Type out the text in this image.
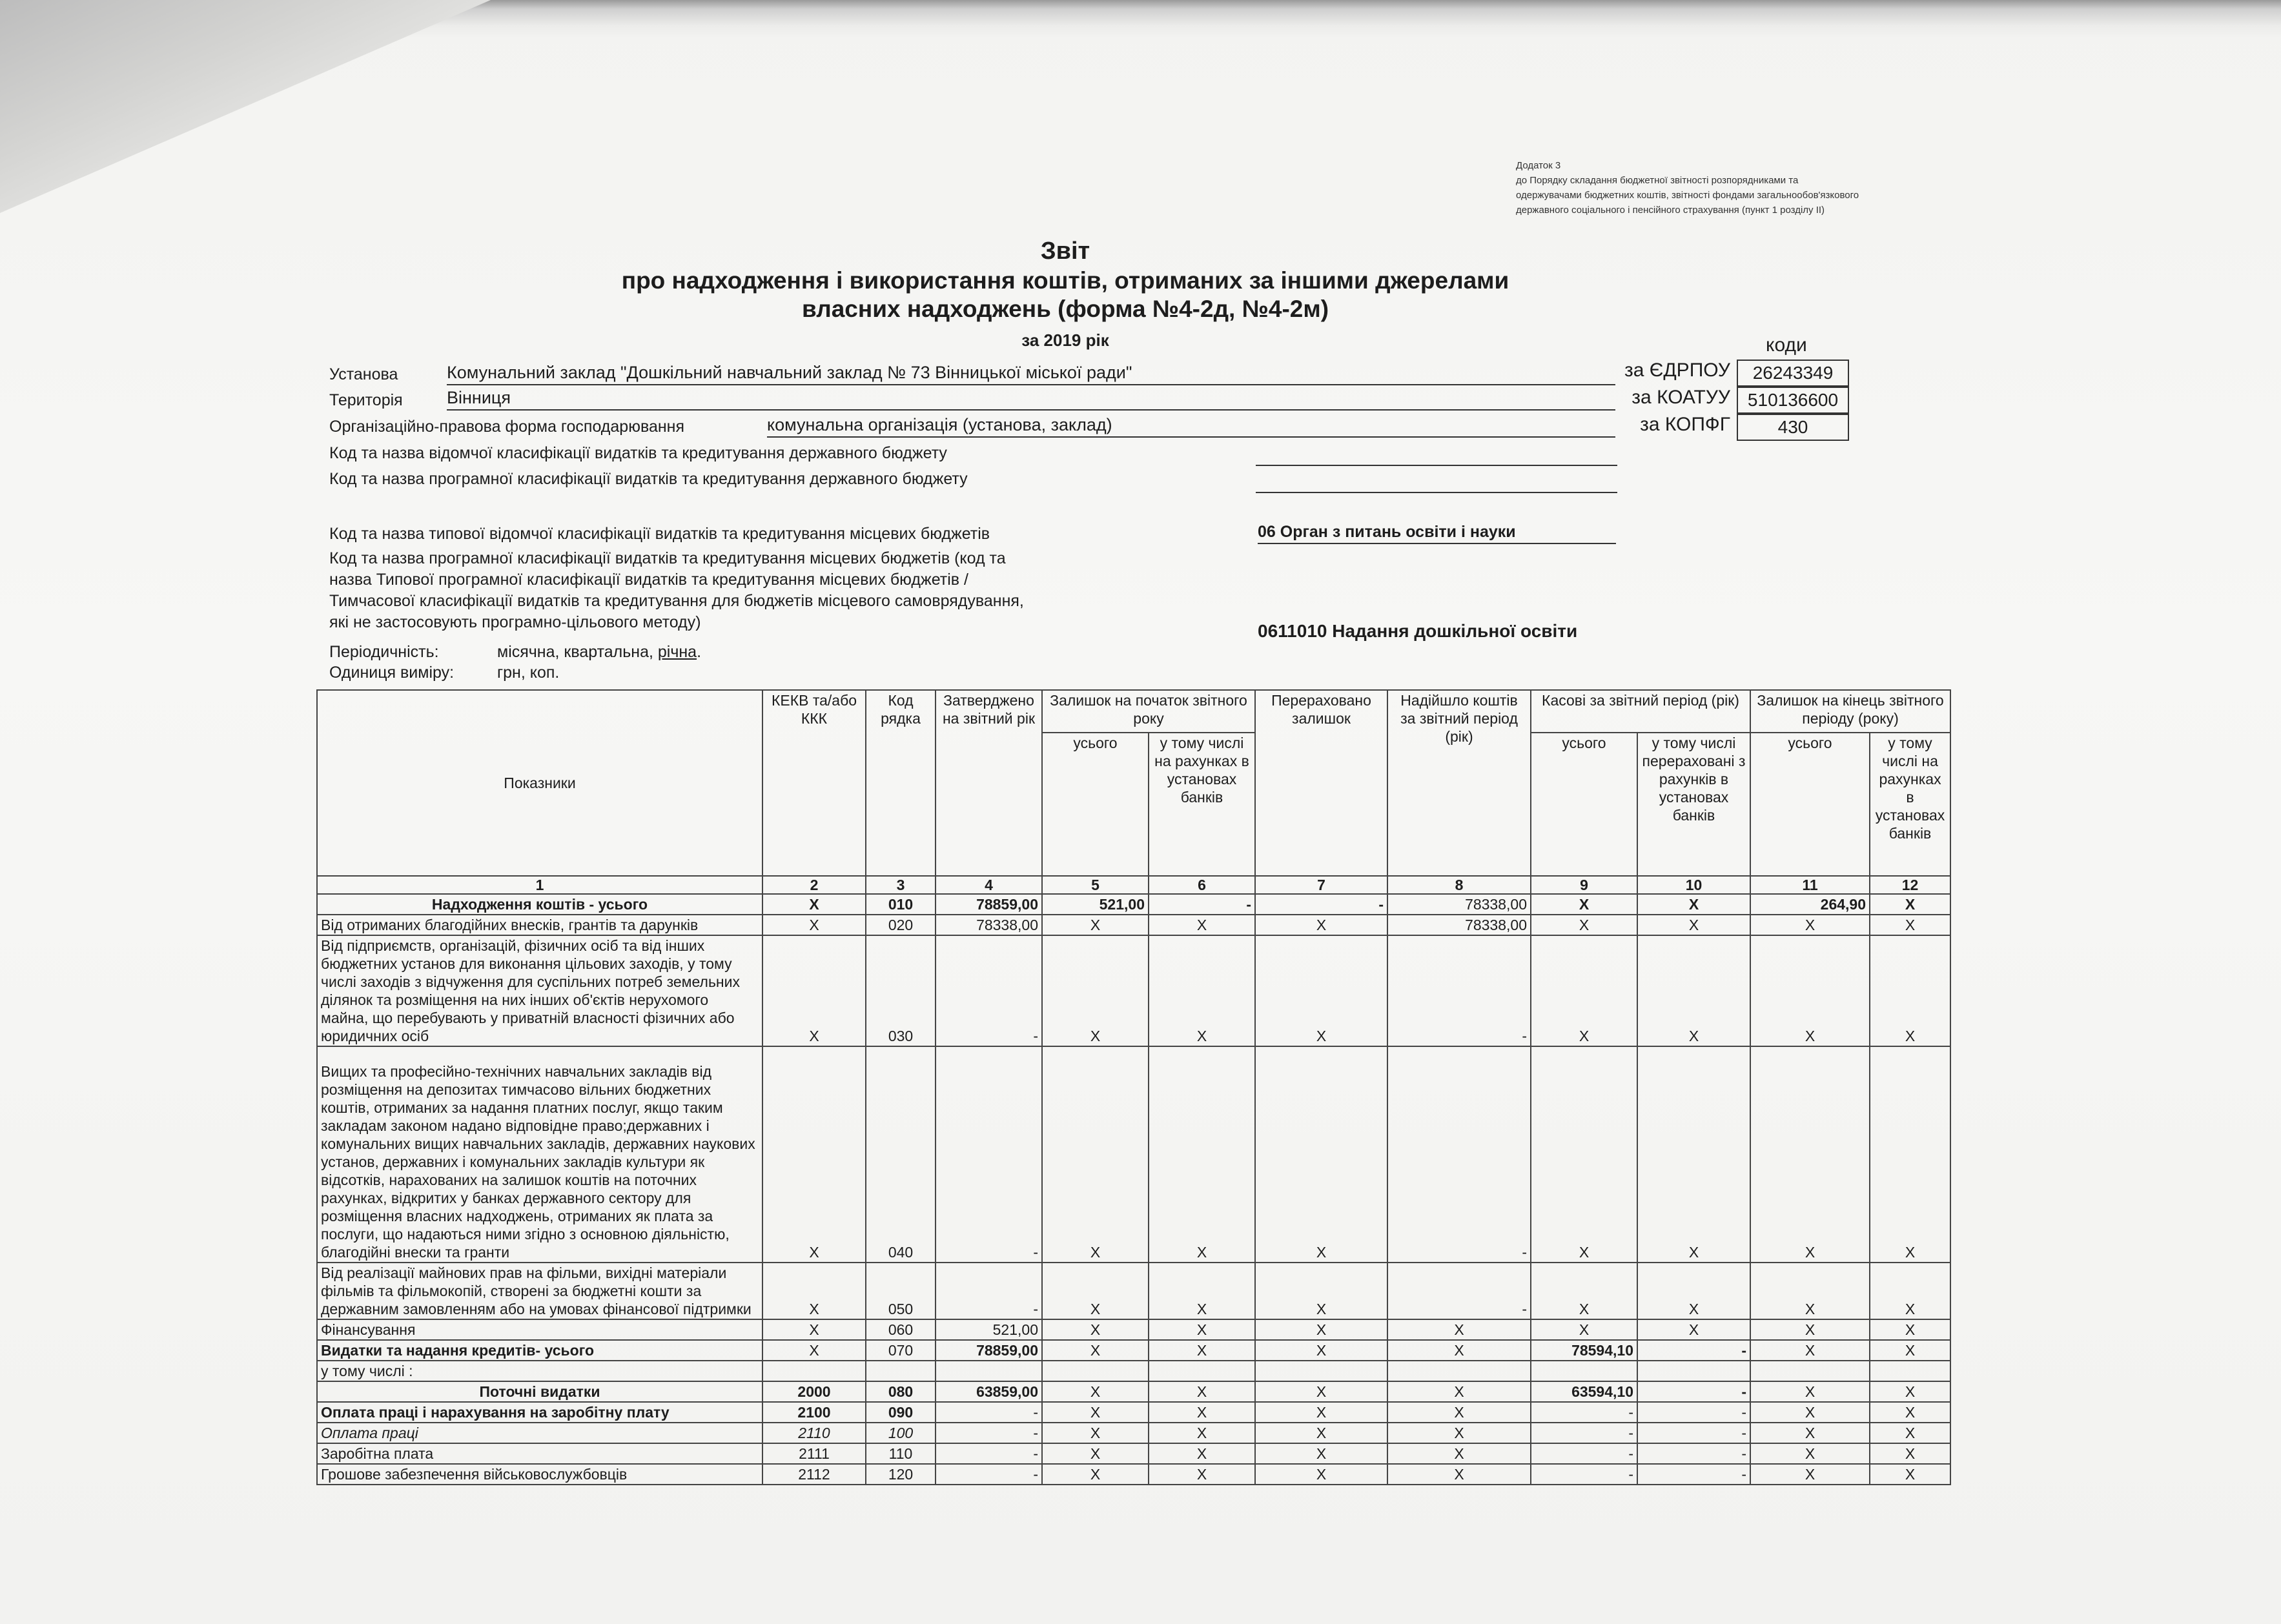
Додаток 3
до Порядку складання бюджетної звітності розпорядниками та
одержувачами бюджетних коштів, звітності фондами загальнообов'язкового
державного соціального і пенсійного страхування (пункт 1 розділу II)
Звіт
про надходження і використання коштів, отриманих за іншими джерелами
власних надходжень (форма №4-2д, №4-2м)
за 2019 рік	коди
за ЄДРПОУ	26243349
за КОАТУУ 510136600
за КОПФГ	430
Установа	Комунальний заклад "Дошкільний навчальний заклад № 73 Вінницької міської ради"
Територія	Вінниця
Організаційно-правова форма господарювання	комунальна організація (установа, заклад)
Код та назва відомчої класифікації видатків та кредитування державного бюджету
Код та назва програмної класифікації видатків та кредитування державного бюджету
Код та назва типової відомчої класифікації видатків та кредитування місцевих бюджетів	06 Орган з питань освіти і науки
Код та назва програмної класифікації видатків та кредитування місцевих бюджетів (код та
назва Типової програмної класифікації видатків та кредитування місцевих бюджетів /
Тимчасової класифікації видатків та кредитування для бюджетів місцевого самоврядування,
які не застосовують програмно-цільового методу)	0611010 Надання дошкільної освіти
Періодичність:	місячна, квартальна, річна.
Одиниця виміру:	грн, коп.
Показники	КЕКВ та/або ККК	Код рядка	Затверджено на звітний рік	Залишок на початок звітного року		Перераховано залишок	Надійшло коштів за звітний період (рік)	Касові за звітний період (рік)		Залишок на кінець звітного періоду (року)	
				усього	у тому числі на рахунках в установах банків			усього	у тому числі перераховані з рахунків в установах банків	усього	у тому числі на рахунках в установах банків
1	2	3	4	5	6	7	8	9	10	11	12
Надходження коштів - усього	X	010	78859,00	521,00	-	-	78338,00	X	X	264,90	X
Від отриманих благодійних внесків, грантів та дарунків	X	020	78338,00	X	X	X	78338,00	X	X	X	X
Від підприємств, організацій, фізичних осіб та від інших бюджетних установ для виконання цільових заходів, у тому числі заходів з відчуження для суспільних потреб земельних ділянок та розміщення на них інших об'єктів нерухомого майна, що перебувають у приватній власності фізичних або юридичних осіб	X	030	-	X	X	X	-	X	X	X	X
Вищих та професійно-технічних навчальних закладів від розміщення на депозитах тимчасово вільних бюджетних коштів, отриманих за надання платних послуг, якщо таким закладам законом надано відповідне право;державних і комунальних вищих навчальних закладів, державних наукових установ, державних і комунальних закладів культури як відсотків, нарахованих на залишок коштів на поточних рахунках, відкритих у банках державного сектору для розміщення власних надходжень, отриманих як плата за послуги, що надаються ними згідно з основною діяльністю, благодійні внески та гранти	X	040	-	X	X	X	-	X	X	X	X
Від реалізації майнових прав на фільми, вихідні матеріали фільмів та фільмокопій, створені за бюджетні кошти за державним замовленням або на умовах фінансової підтримки	X	050	-	X	X	X	-	X	X	X	X
Фінансування	X	060	521,00	X	X	X	X	X	X	X	X
Видатки та надання кредитів- усього	X	070	78859,00	X	X	X	X	78594,10	-	X	X
у тому числі :											
Поточні видатки	2000	080	63859,00	X	X	X	X	63594,10	-	X	X
Оплата праці і нарахування на заробітну плату	2100	090	-	X	X	X	X	-	-	X	X
Оплата праці	2110	100	-	X	X	X	X	-	-	X	X
Заробітна плата	2111	110	-	X	X	X	X	-	-	X	X
Грошове забезпечення військовослужбовців	2112	120	-	X	X	X	X	-	-	X	X
